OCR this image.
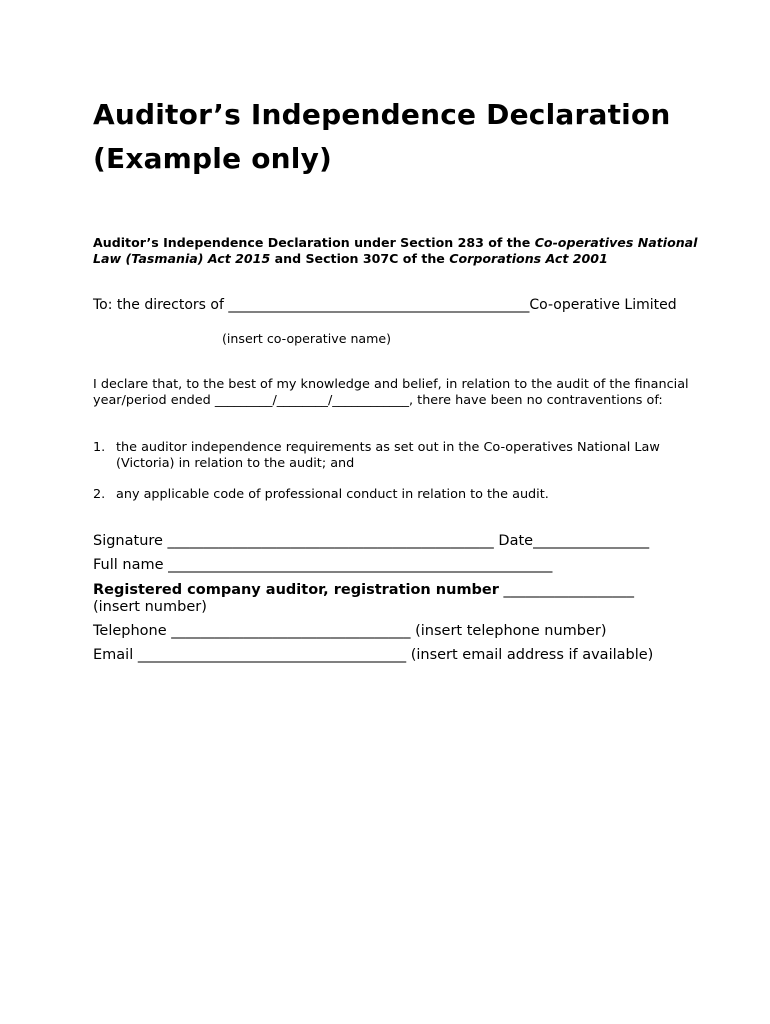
Auditor’s Independence Declaration
(Example only)

Auditor’s Independence Declaration under Section 283 of the Co-operatives National Law (Tasmania) Act 2015 and Section 307C of the Corporations Act 2001

To: the directors of ___________________________________________Co-operative Limited

(insert co-operative name)

I declare that, to the best of my knowledge and belief, in relation to the audit of the financial year/period ended _________/________/____________, there have been no contraventions of:

1. the auditor independence requirements as set out in the Co-operatives National Law (Victoria) in relation to the audit; and
2. any applicable code of professional conduct in relation to the audit.

Signature _____________________________________________ Date________________

Full name _____________________________________________________

Registered company auditor, registration number __________________

(insert number)

Telephone _________________________________ (insert telephone number)

Email _____________________________________ (insert email address if available)
